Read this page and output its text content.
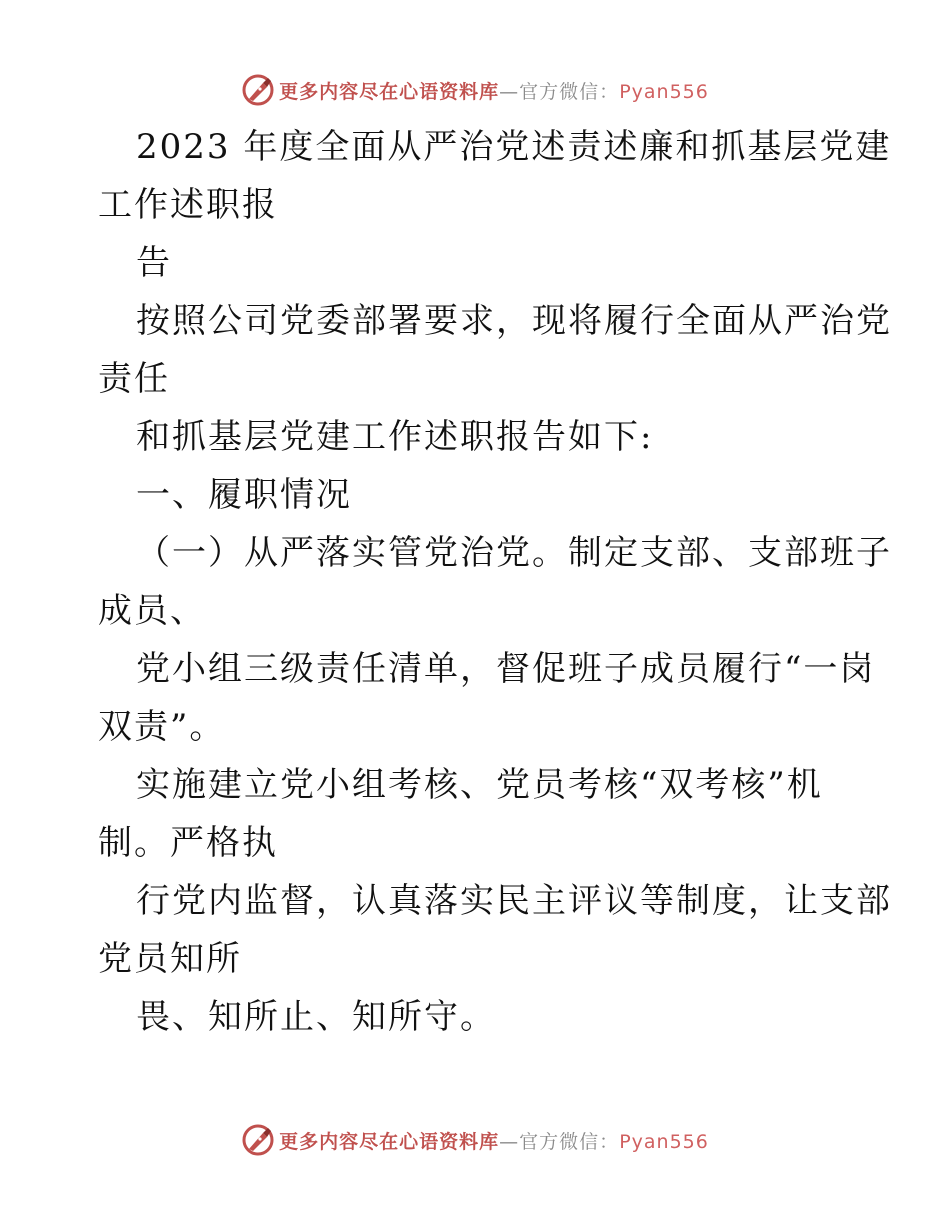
更多内容尽在心语资料库—官方微信：Pyan556
2023 年度全面从严治党述责述廉和抓基层党建
工作述职报
告
按照公司党委部署要求，现将履行全面从严治党
责任
和抓基层党建工作述职报告如下:
一、履职情况
（一）从严落实管党治党。制定支部、支部班子
成员、
党小组三级责任清单，督促班子成员履行“一岗
双责”。
实施建立党小组考核、党员考核“双考核”机
制。严格执
行党内监督，认真落实民主评议等制度，让支部
党员知所
畏、知所止、知所守。
更多内容尽在心语资料库—官方微信：Pyan556
